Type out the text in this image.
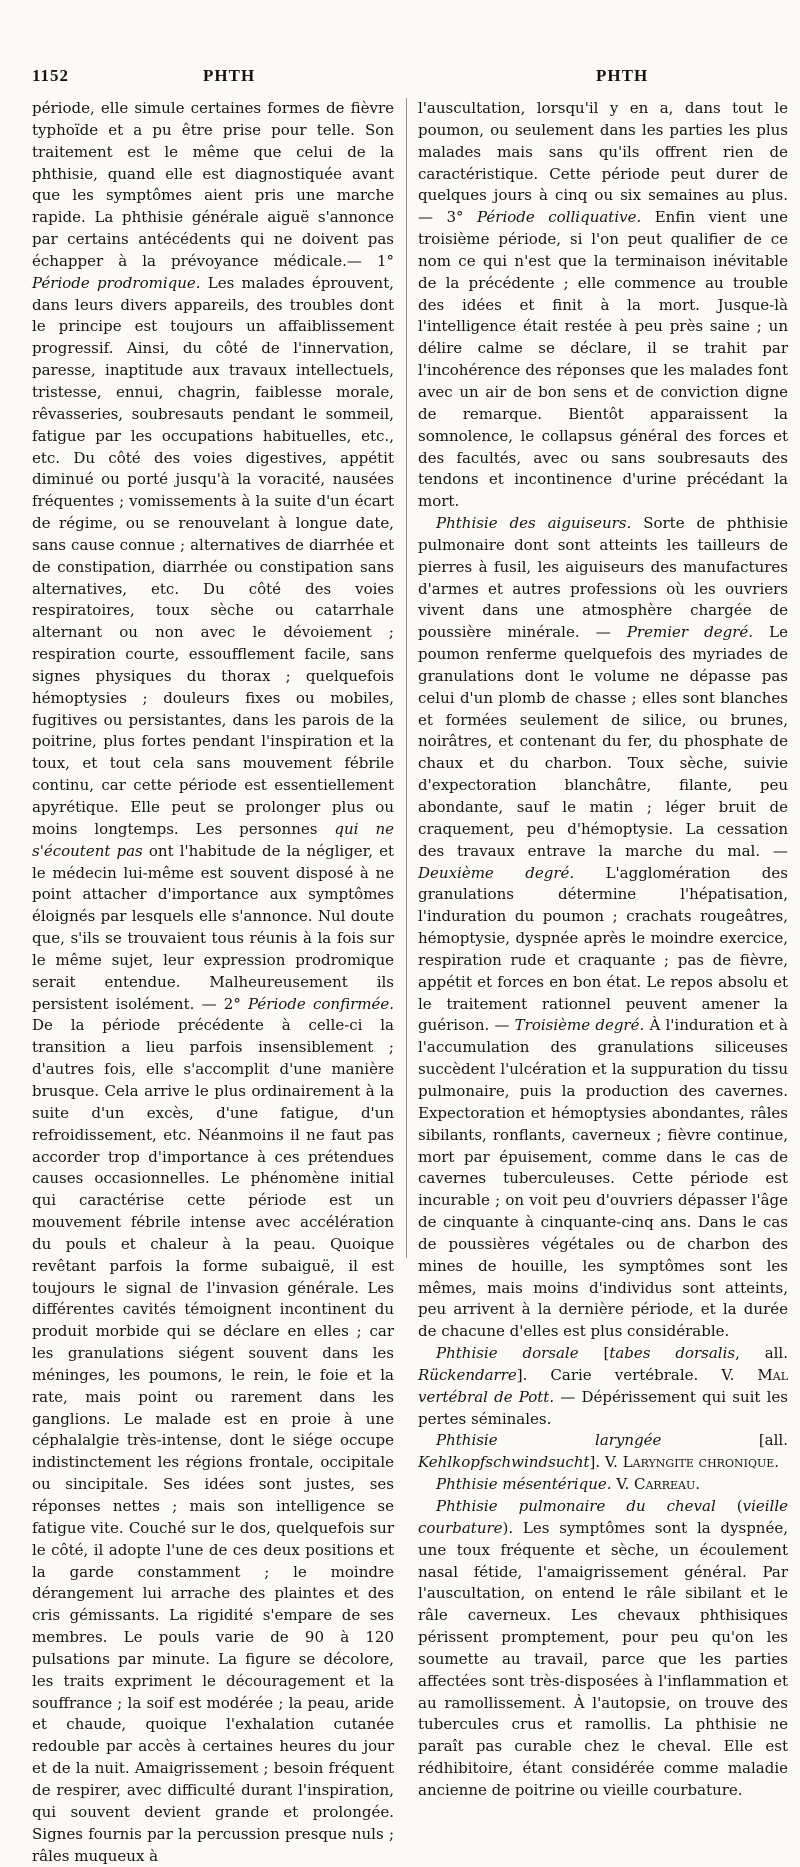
1152	PHTH	PHTH

période, elle simule certaines formes de fièvre typhoïde et a pu être prise pour telle. Son traitement est le même que celui de la phthisie, quand elle est diagnostiquée avant que les symptômes aient pris une marche rapide. La phthisie générale aiguë s'annonce par certains antécédents qui ne doivent pas échapper à la prévoyance médicale.— 1° Période prodromique. Les malades éprouvent, dans leurs divers appareils, des troubles dont le principe est toujours un affaiblissement progressif. Ainsi, du côté de l'innervation, paresse, inaptitude aux travaux intellectuels, tristesse, ennui, chagrin, faiblesse morale, rêvasseries, soubresauts pendant le sommeil, fatigue par les occupations habituelles, etc., etc. Du côté des voies digestives, appétit diminué ou porté jusqu'à la voracité, nausées fréquentes ; vomissements à la suite d'un écart de régime, ou se renouvelant à longue date, sans cause connue ; alternatives de diarrhée et de constipation, diarrhée ou constipation sans alternatives, etc. Du côté des voies respiratoires, toux sèche ou catarrhale alternant ou non avec le dévoiement ; respiration courte, essoufflement facile, sans signes physiques du thorax ; quelquefois hémoptysies ; douleurs fixes ou mobiles, fugitives ou persistantes, dans les parois de la poitrine, plus fortes pendant l'inspiration et la toux, et tout cela sans mouvement fébrile continu, car cette période est essentiellement apyrétique. Elle peut se prolonger plus ou moins longtemps. Les personnes qui ne s'écoutent pas ont l'habitude de la négliger, et le médecin lui-même est souvent disposé à ne point attacher d'importance aux symptômes éloignés par lesquels elle s'annonce. Nul doute que, s'ils se trouvaient tous réunis à la fois sur le même sujet, leur expression prodromique serait entendue. Malheureusement ils persistent isolément. — 2° Période confirmée. De la période précédente à celle-ci la transition a lieu parfois insensiblement ; d'autres fois, elle s'accomplit d'une manière brusque. Cela arrive le plus ordinairement à la suite d'un excès, d'une fatigue, d'un refroidissement, etc. Néanmoins il ne faut pas accorder trop d'importance à ces prétendues causes occasionnelles. Le phénomène initial qui caractérise cette période est un mouvement fébrile intense avec accélération du pouls et chaleur à la peau. Quoique revêtant parfois la forme subaiguë, il est toujours le signal de l'invasion générale. Les différentes cavités témoignent incontinent du produit morbide qui se déclare en elles ; car les granulations siégent souvent dans les méninges, les poumons, le rein, le foie et la rate, mais point ou rarement dans les ganglions. Le malade est en proie à une céphalalgie très-intense, dont le siége occupe indistinctement les régions frontale, occipitale ou sincipitale. Ses idées sont justes, ses réponses nettes ; mais son intelligence se fatigue vite. Couché sur le dos, quelquefois sur le côté, il adopte l'une de ces deux positions et la garde constamment ; le moindre dérangement lui arrache des plaintes et des cris gémissants. La rigidité s'empare de ses membres. Le pouls varie de 90 à 120 pulsations par minute. La figure se décolore, les traits expriment le découragement et la souffrance ; la soif est modérée ; la peau, aride et chaude, quoique l'exhalation cutanée redouble par accès à certaines heures du jour et de la nuit. Amaigrissement ; besoin fréquent de respirer, avec difficulté durant l'inspiration, qui souvent devient grande et prolongée. Signes fournis par la percussion presque nuls ; râles muqueux à

l'auscultation, lorsqu'il y en a, dans tout le poumon, ou seulement dans les parties les plus malades mais sans qu'ils offrent rien de caractéristique. Cette période peut durer de quelques jours à cinq ou six semaines au plus. — 3° Période colliquative. Enfin vient une troisième période, si l'on peut qualifier de ce nom ce qui n'est que la terminaison inévitable de la précédente ; elle commence au trouble des idées et finit à la mort. Jusque-là l'intelligence était restée à peu près saine ; un délire calme se déclare, il se trahit par l'incohérence des réponses que les malades font avec un air de bon sens et de conviction digne de remarque. Bientôt apparaissent la somnolence, le collapsus général des forces et des facultés, avec ou sans soubresauts des tendons et incontinence d'urine précédant la mort.

Phthisie des aiguiseurs. Sorte de phthisie pulmonaire dont sont atteints les tailleurs de pierres à fusil, les aiguiseurs des manufactures d'armes et autres professions où les ouvriers vivent dans une atmosphère chargée de poussière minérale. — Premier degré. Le poumon renferme quelquefois des myriades de granulations dont le volume ne dépasse pas celui d'un plomb de chasse ; elles sont blanches et formées seulement de silice, ou brunes, noirâtres, et contenant du fer, du phosphate de chaux et du charbon. Toux sèche, suivie d'expectoration blanchâtre, filante, peu abondante, sauf le matin ; léger bruit de craquement, peu d'hémoptysie. La cessation des travaux entrave la marche du mal. — Deuxième degré. L'agglomération des granulations détermine l'hépatisation, l'induration du poumon ; crachats rougeâtres, hémoptysie, dyspnée après le moindre exercice, respiration rude et craquante ; pas de fièvre, appétit et forces en bon état. Le repos absolu et le traitement rationnel peuvent amener la guérison. — Troisième degré. À l'induration et à l'accumulation des granulations siliceuses succèdent l'ulcération et la suppuration du tissu pulmonaire, puis la production des cavernes. Expectoration et hémoptysies abondantes, râles sibilants, ronflants, caverneux ; fièvre continue, mort par épuisement, comme dans le cas de cavernes tuberculeuses. Cette période est incurable ; on voit peu d'ouvriers dépasser l'âge de cinquante à cinquante-cinq ans. Dans le cas de poussières végétales ou de charbon des mines de houille, les symptômes sont les mêmes, mais moins d'individus sont atteints, peu arrivent à la dernière période, et la durée de chacune d'elles est plus considérable.

Phthisie dorsale [tabes dorsalis, all. Rückendarre]. Carie vertébrale. V. Mal vertébral de Pott. — Dépérissement qui suit les pertes séminales.

Phthisie laryngée [all. Kehlkopfschwindsucht]. V. Laryngite chronique.

Phthisie mésentérique. V. Carreau.

Phthisie pulmonaire du cheval (vieille courbature). Les symptômes sont la dyspnée, une toux fréquente et sèche, un écoulement nasal fétide, l'amaigrissement général. Par l'auscultation, on entend le râle sibilant et le râle caverneux. Les chevaux phthisiques périssent promptement, pour peu qu'on les soumette au travail, parce que les parties affectées sont très-disposées à l'inflammation et au ramollissement. À l'autopsie, on trouve des tubercules crus et ramollis. La phthisie ne paraît pas curable chez le cheval. Elle est rédhibitoire, étant considérée comme maladie ancienne de poitrine ou vieille courbature.
